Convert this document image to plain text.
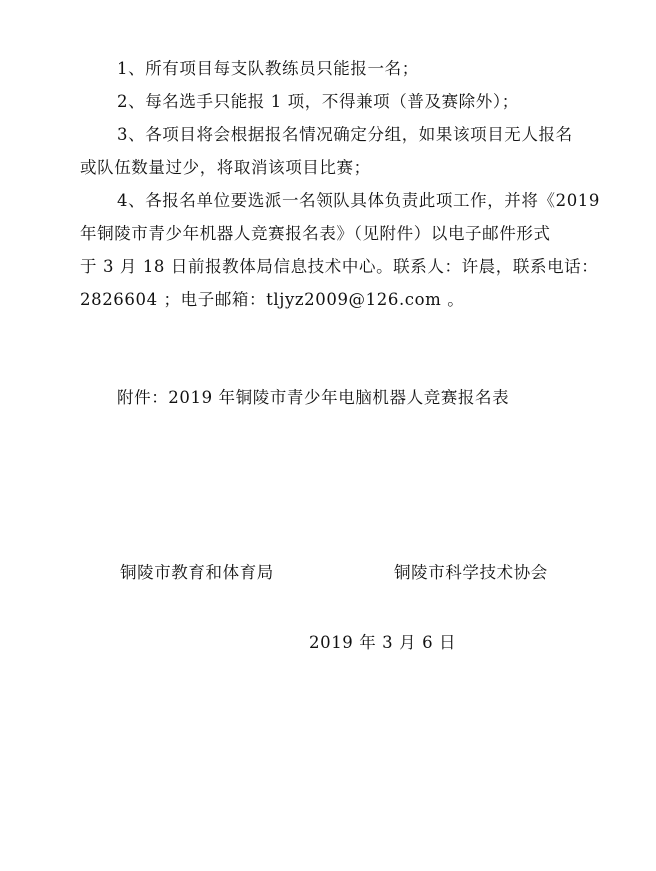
1、所有项目每支队教练员只能报一名；
2、每名选手只能报 1 项，不得兼项（普及赛除外）；
3、各项目将会根据报名情况确定分组，如果该项目无人报名
或队伍数量过少，将取消该项目比赛；
4、各报名单位要选派一名领队具体负责此项工作，并将《2019
年铜陵市青少年机器人竞赛报名表》（见附件）以电子邮件形式
于 3 月 18 日前报教体局信息技术中心。联系人：许晨，联系电话：
2826604 ；电子邮箱：tljyz2009@126.com 。
附件：2019 年铜陵市青少年电脑机器人竞赛报名表
铜陵市教育和体育局	铜陵市科学技术协会
2019 年 3 月 6 日
